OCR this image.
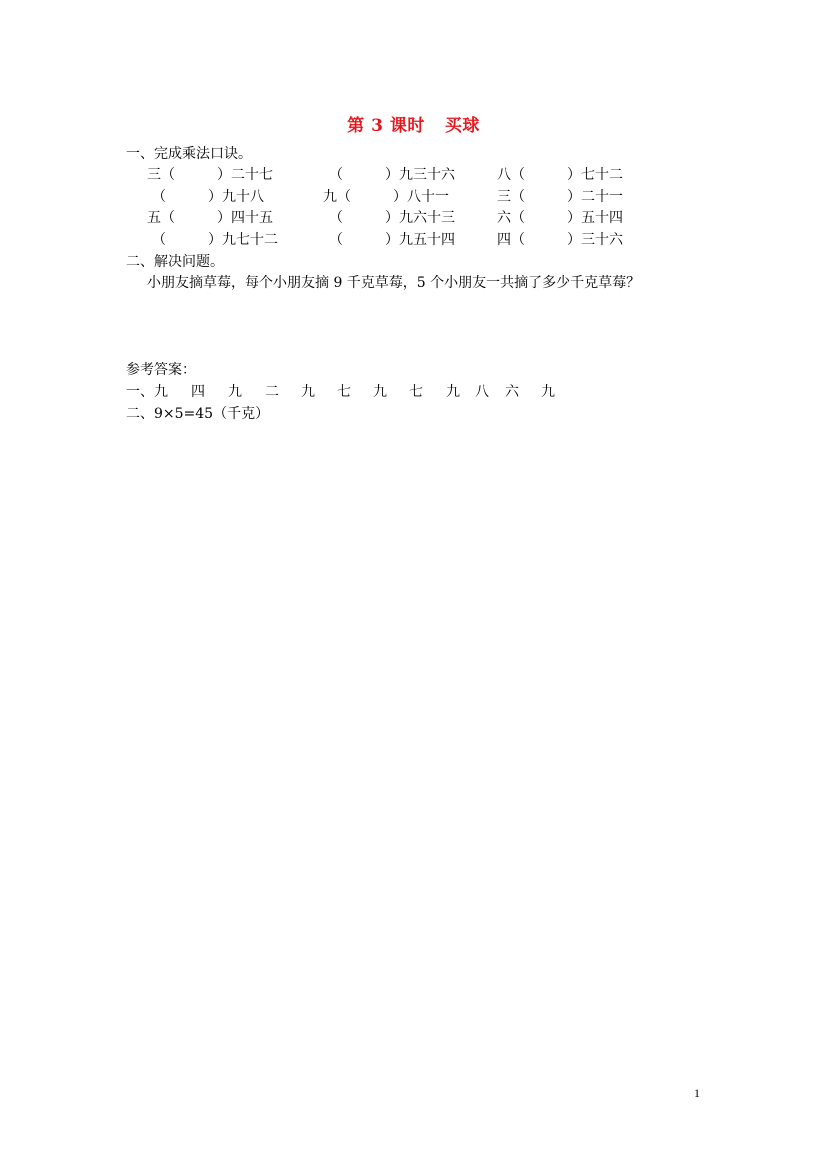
第 3 课时 买球
一、完成乘法口诀。
三（　　　）二十七	（　　　）九三十六	八（　　　）七十二
（　　　）九十八	九（　　　）八十一	三（　　　）二十一
五（　　　）四十五	（　　　）九六十三	六（　　　）五十四
（　　　）九七十二	（　　　）九五十四	四（　　　）三十六
二、解决问题。
小朋友摘草莓，每个小朋友摘 9 千克草莓，5 个小朋友一共摘了多少千克草莓？
参考答案：
一、 九 四 九 二 九 七 九 七 九 八 六 九
二、9×5=45（千克）
1
